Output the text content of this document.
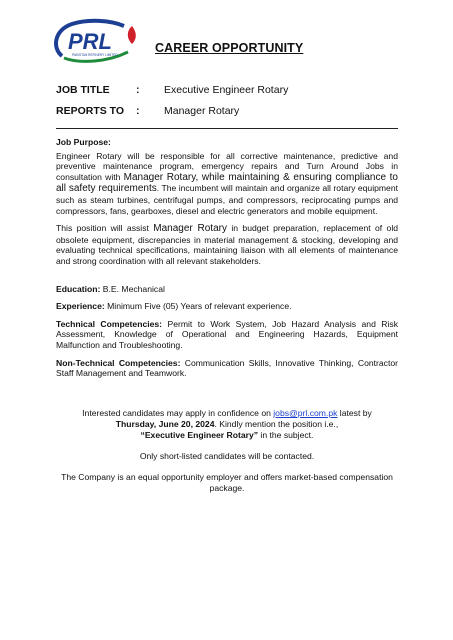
PRL
PAKISTAN REFINERY LIMITED	CAREER OPPORTUNITY
JOB TITLE	: Executive Engineer Rotary
REPORTS TO : Manager Rotary
Job Purpose:

Engineer Rotary will be responsible for all corrective maintenance, predictive and preventive maintenance program, emergency repairs and Turn Around Jobs in consultation with Manager Rotary, while maintaining & ensuring compliance to all safety requirements. The incumbent will maintain and organize all rotary equipment such as steam turbines, centrifugal pumps, and compressors, reciprocating pumps and compressors, fans, gearboxes, diesel and electric generators and mobile equipment.

This position will assist Manager Rotary in budget preparation, replacement of old obsolete equipment, discrepancies in material management & stocking, developing and evaluating technical specifications, maintaining liaison with all elements of maintenance and strong coordination with all relevant stakeholders.

Education: B.E. Mechanical

Experience: Minimum Five (05) Years of relevant experience.

Technical Competencies: Permit to Work System, Job Hazard Analysis and Risk Assessment, Knowledge of Operational and Engineering Hazards, Equipment Malfunction and Troubleshooting.

Non-Technical Competencies: Communication Skills, Innovative Thinking, Contractor Staff Management and Teamwork.

Interested candidates may apply in confidence on jobs@prl.com.pk latest by
Thursday, June 20, 2024. Kindly mention the position i.e.,
“Executive Engineer Rotary” in the subject.

Only short-listed candidates will be contacted.

The Company is an equal opportunity employer and offers market-based compensation package.
